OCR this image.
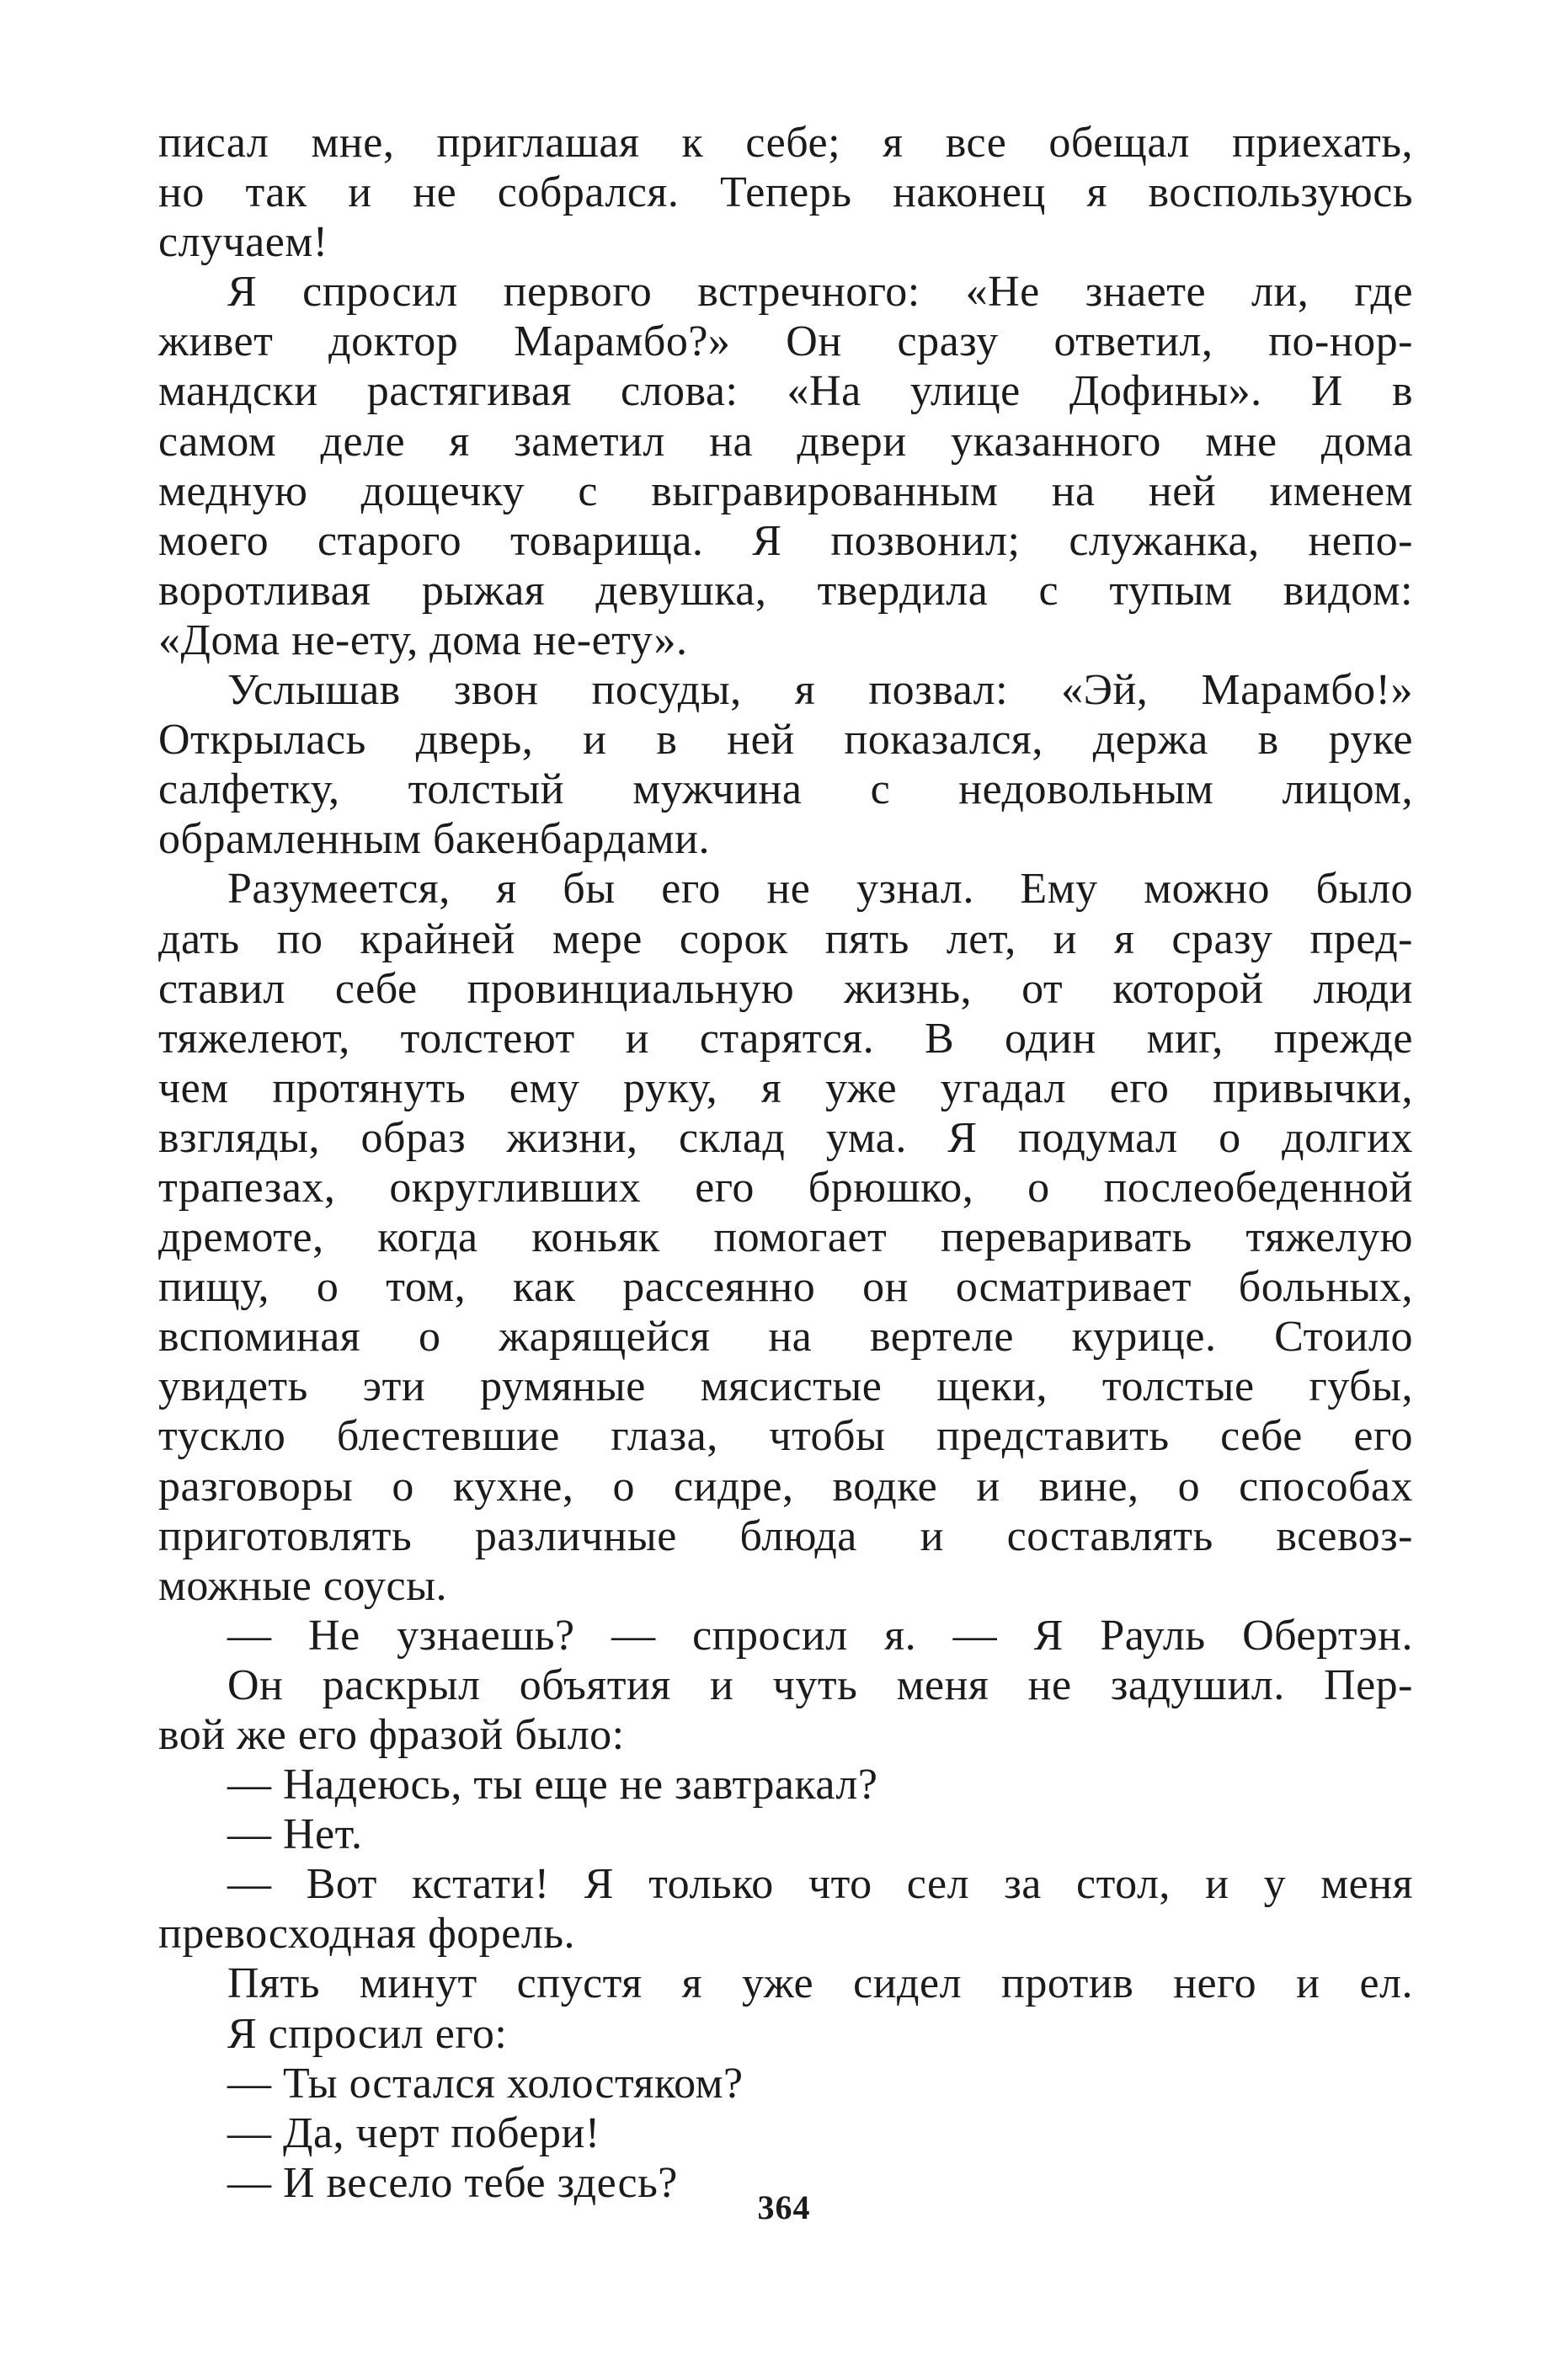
писал мне, приглашая к себе; я все обещал приехать,
но так и не собрался. Теперь наконец я воспользуюсь
случаем!
Я спросил первого встречного: «Не знаете ли, где
живет доктор Марамбо?» Он сразу ответил, по-нор-
мандски растягивая слова: «На улице Дофины». И в
самом деле я заметил на двери указанного мне дома
медную дощечку с выгравированным на ней именем
моего старого товарища. Я позвонил; служанка, непо-
воротливая рыжая девушка, твердила с тупым видом:
«Дома не-ету, дома не-ету».
Услышав звон посуды, я позвал: «Эй, Марамбо!»
Открылась дверь, и в ней показался, держа в руке
салфетку, толстый мужчина с недовольным лицом,
обрамленным бакенбардами.
Разумеется, я бы его не узнал. Ему можно было
дать по крайней мере сорок пять лет, и я сразу пред-
ставил себе провинциальную жизнь, от которой люди
тяжелеют, толстеют и старятся. В один миг, прежде
чем протянуть ему руку, я уже угадал его привычки,
взгляды, образ жизни, склад ума. Я подумал о долгих
трапезах, округливших его брюшко, о послеобеденной
дремоте, когда коньяк помогает переваривать тяжелую
пищу, о том, как рассеянно он осматривает больных,
вспоминая о жарящейся на вертеле курице. Стоило
увидеть эти румяные мясистые щеки, толстые губы,
тускло блестевшие глаза, чтобы представить себе его
разговоры о кухне, о сидре, водке и вине, о способах
приготовлять различные блюда и составлять всевоз-
можные соусы.
— Не узнаешь? — спросил я. — Я Рауль Обертэн.
Он раскрыл объятия и чуть меня не задушил. Пер-
вой же его фразой было:
— Надеюсь, ты еще не завтракал?
— Нет.
— Вот кстати! Я только что сел за стол, и у меня
превосходная форель.
Пять минут спустя я уже сидел против него и ел.
Я спросил его:
— Ты остался холостяком?
— Да, черт побери!
— И весело тебе здесь?
364
